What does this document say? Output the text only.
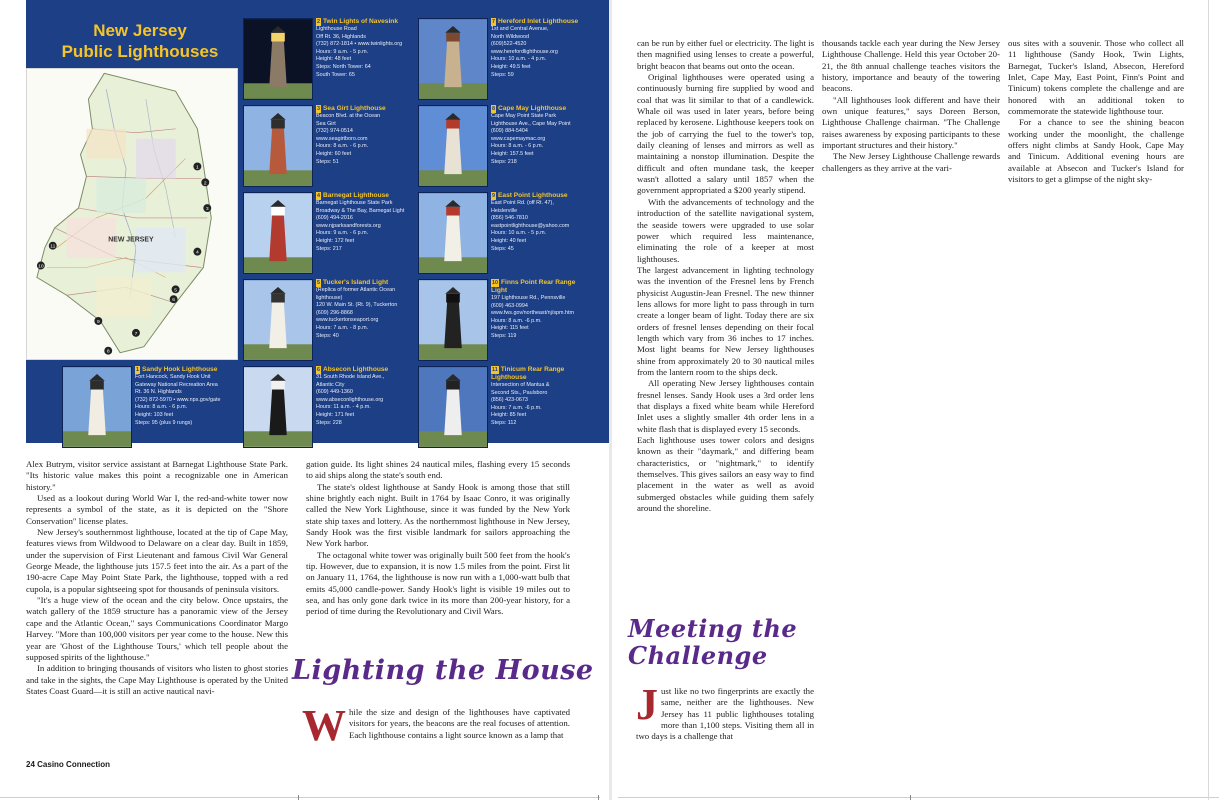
New Jersey
Public Lighthouses
NEW JERSEY
1
2
3
4
5
6
7
8
9
10
11
2 Twin Lights of Navesink
Lighthouse Road
Off Rt. 36, Highlands
(732) 872-1814 • www.twinlights.org
Hours: 9 a.m. - 5 p.m.
Height: 48 feet
Steps: North Tower: 64
South Tower: 65
7 Hereford Inlet Lighthouse
1st and Central Avenue,
North Wildwood
(609)522-4520
www.herefordlighthouse.org
Hours: 10 a.m. - 4 p.m.
Height: 49.5 feet
Steps: 59
3 Sea Girt Lighthouse
Beacon Blvd. at the Ocean
Sea Girt
(732) 974-0514
www.seagirtboro.com
Hours: 8 a.m. - 6 p.m.
Height: 60 feet
Steps: 51
8 Cape May Lighthouse
Cape May Point State Park
Lighthouse Ave., Cape May Point
(609) 884-5404
www.capemaymac.org
Hours: 8 a.m. - 6 p.m.
Height: 157.5 feet
Steps: 218
4 Barnegat Lighthouse
Barnegat Lighthouse State Park
Broadway & The Bay, Barnegat Light
(609) 494-2016
www.njparksandforests.org
Hours: 9 a.m. - 6 p.m.
Height: 172 feet
Steps: 217
9 East Point Lighthouse
East Point Rd. (off Rt. 47),
Heislerville
(856) 546-7810
eastpointlighthouse@yahoo.com
Hours: 10 a.m. - 5 p.m.
Height: 40 feet
Steps: 45
5 Tucker's Island Light
(Replica of former Atlantic Ocean lighthouse)
120 W. Main St. (Rt. 9), Tuckerton
(609) 296-8868
www.tuckertonseaport.org
Hours: 7 a.m. - 8 p.m.
Steps: 40
10 Finns Point Rear Range Light
197 Lighthouse Rd., Pennsville
(609) 463-0994
www.fws.gov/northeast/nj/spm.htm
Hours: 8 a.m. -6 p.m.
Height: 115 feet
Steps: 119
1 Sandy Hook Lighthouse
Fort Hancock, Sandy Hook Unit
Gateway National Recreation Area
Rt. 36 N. Highlands
(732) 872-5970 • www.nps.gov/gate
Hours: 8 a.m. - 6 p.m.
Height: 103 feet
Steps: 95 (plus 9 rungs)
6 Absecon Lighthouse
31 South Rhode Island Ave.,
Atlantic City
(609) 449-1360
www.abseconlighthouse.org
Hours: 11 a.m. - 4 p.m.
Height: 171 feet
Steps: 228
11 Tinicum Rear Range Lighthouse
Intersection of Mantua &
Second Sts., Paulsboro
(856) 423-0673
Hours: 7 a.m. -6 p.m.
Height: 85 feet
Steps: 112

Alex Butrym, visitor service assistant at Barnegat Lighthouse State Park. "Its historic value makes this point a recognizable one in American history."

Used as a lookout during World War I, the red-and-white tower now represents a symbol of the state, as it is depicted on the "Shore Conservation" license plates.

New Jersey's southernmost lighthouse, located at the tip of Cape May, features views from Wildwood to Delaware on a clear day. Built in 1859, under the supervision of First Lieutenant and famous Civil War General George Meade, the lighthouse juts 157.5 feet into the air. As a part of the 190-acre Cape May Point State Park, the lighthouse, topped with a red cupola, is a popular sightseeing spot for thousands of peninsula visitors.

"It's a huge view of the ocean and the city below. Once upstairs, the watch gallery of the 1859 structure has a panoramic view of the Jersey cape and the Atlantic Ocean," says Communications Coordinator Margo Harvey. "More than 100,000 visitors per year come to the house. New this year are 'Ghost of the Lighthouse Tours,' which tell people about the supposed spirits of the lighthouse."

In addition to bringing thousands of visitors who listen to ghost stories and take in the sights, the Cape May Lighthouse is operated by the United States Coast Guard—it is still an active nautical navi-

gation guide. Its light shines 24 nautical miles, flashing every 15 seconds to aid ships along the state's south end.

The state's oldest lighthouse at Sandy Hook is among those that still shine brightly each night. Built in 1764 by Isaac Conro, it was originally called the New York Lighthouse, since it was funded by the New York state ship taxes and lottery. As the northernmost lighthouse in New Jersey, Sandy Hook was the first visible landmark for sailors approaching the New York harbor.

The octagonal white tower was originally built 500 feet from the hook's tip. However, due to expansion, it is now 1.5 miles from the point. First lit on January 11, 1764, the lighthouse is now run with a 1,000-watt bulb that emits 45,000 candle-power. Sandy Hook's light is visible 19 miles out to sea, and has only gone dark twice in its more than 200-year history, for a period of time during the Revolutionary and Civil Wars.

Lighting the House
W hile the size and design of the lighthouses have captivated visitors for years, the beacons are the real focuses of attention. Each lighthouse contains a light source known as a lamp that
24 Casino Connection

can be run by either fuel or electricity. The light is then magnified using lenses to create a powerful, bright beacon that beams out onto the ocean.

Original lighthouses were operated using a continuously burning fire supplied by wood and coal that was lit similar to that of a candlewick. Whale oil was used in later years, before being replaced by kerosene. Lighthouse keepers took on the job of carrying the fuel to the tower's top, daily cleaning of lenses and mirrors as well as maintaining a nonstop illumination. Despite the difficult and often mundane task, the keeper wasn't allotted a salary until 1857 when the government appropriated a $200 yearly stipend.

With the advancements of technology and the introduction of the satellite navigational system, the seaside towers were upgraded to use solar power which required less maintenance, eliminating the role of a keeper at most lighthouses.

The largest advancement in lighting technology was the invention of the Fresnel lens by French physicist Augustin-Jean Fresnel. The new thinner lens allows for more light to pass through in turn create a longer beam of light. Today there are six orders of fresnel lenses depending on their focal length which vary from 36 inches to 17 inches. Most light beams for New Jersey lighthouses shine from approximately 20 to 30 nautical miles from the lantern room to the ships deck.

All operating New Jersey lighthouses contain fresnel lenses. Sandy Hook uses a 3rd order lens that displays a fixed white beam while Hereford Inlet uses a slightly smaller 4th order lens in a white flash that is displayed every 15 seconds.

Each lighthouse uses tower colors and designs known as their "daymark," and differing beam characteristics, or "nightmark," to identify themselves. This gives sailors an easy way to find placement in the water as well as avoid submerged obstacles while guiding them safely around the shoreline.

Meeting the
Challenge
J ust like no two fingerprints are exactly the same, neither are the lighthouses. New Jersey has 11 public lighthouses totaling more than 1,100 steps. Visiting them all in two days is a challenge that

thousands tackle each year during the New Jersey Lighthouse Challenge. Held this year October 20-21, the 8th annual challenge teaches visitors the history, importance and beauty of the towering beacons.

"All lighthouses look different and have their own unique features," says Doreen Berson, Lighthouse Challenge chairman. "The Challenge raises awareness by exposing participants to these important structures and their history."

The New Jersey Lighthouse Challenge rewards challengers as they arrive at the vari-

ous sites with a souvenir. Those who collect all 11 lighthouse (Sandy Hook, Twin Lights, Barnegat, Tucker's Island, Absecon, Hereford Inlet, Cape May, East Point, Finn's Point and Tinicum) tokens complete the challenge and are honored with an additional token to commemorate the statewide lighthouse tour.

For a chance to see the shining beacon working under the moonlight, the challenge offers night climbs at Sandy Hook, Cape May and Tinicum. Additional evening hours are available at Absecon and Tucker's Island for visitors to get a glimpse of the night sky-
